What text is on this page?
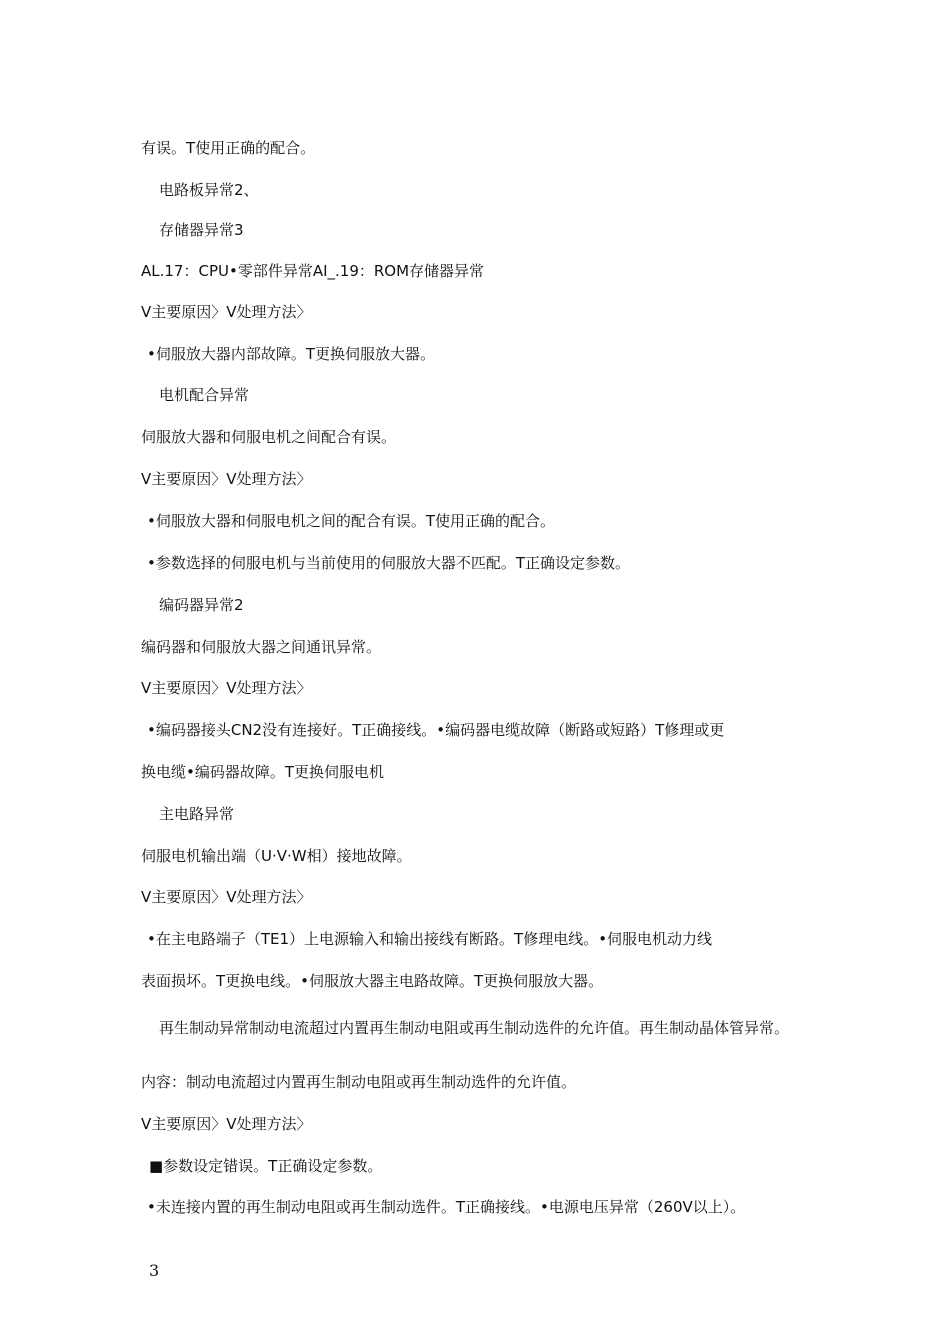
有误。T使用正确的配合。
电路板异常2、
存储器异常3
AL.17：CPU•零部件异常AI_.19：ROM存储器异常
V主要原因〉V处理方法〉
•伺服放大器内部故障。T更换伺服放大器。
电机配合异常
伺服放大器和伺服电机之间配合有误。
V主要原因〉V处理方法〉
•伺服放大器和伺服电机之间的配合有误。T使用正确的配合。
•参数选择的伺服电机与当前使用的伺服放大器不匹配。T正确设定参数。
编码器异常2
编码器和伺服放大器之间通讯异常。
V主要原因〉V处理方法〉
•编码器接头CN2没有连接好。T正确接线。•编码器电缆故障（断路或短路）T修理或更
换电缆•编码器故障。T更换伺服电机
主电路异常
伺服电机输出端（U·V·W相）接地故障。
V主要原因〉V处理方法〉
•在主电路端子（TE1）上电源输入和输出接线有断路。T修理电线。•伺服电机动力线
表面损坏。T更换电线。•伺服放大器主电路故障。T更换伺服放大器。
再生制动异常制动电流超过内置再生制动电阻或再生制动选件的允许值。再生制动晶体管异常。
内容：制动电流超过内置再生制动电阻或再生制动选件的允许值。
V主要原因〉V处理方法〉
■参数设定错误。T正确设定参数。
•未连接内置的再生制动电阻或再生制动选件。T正确接线。•电源电压异常（260V以上）。
3
